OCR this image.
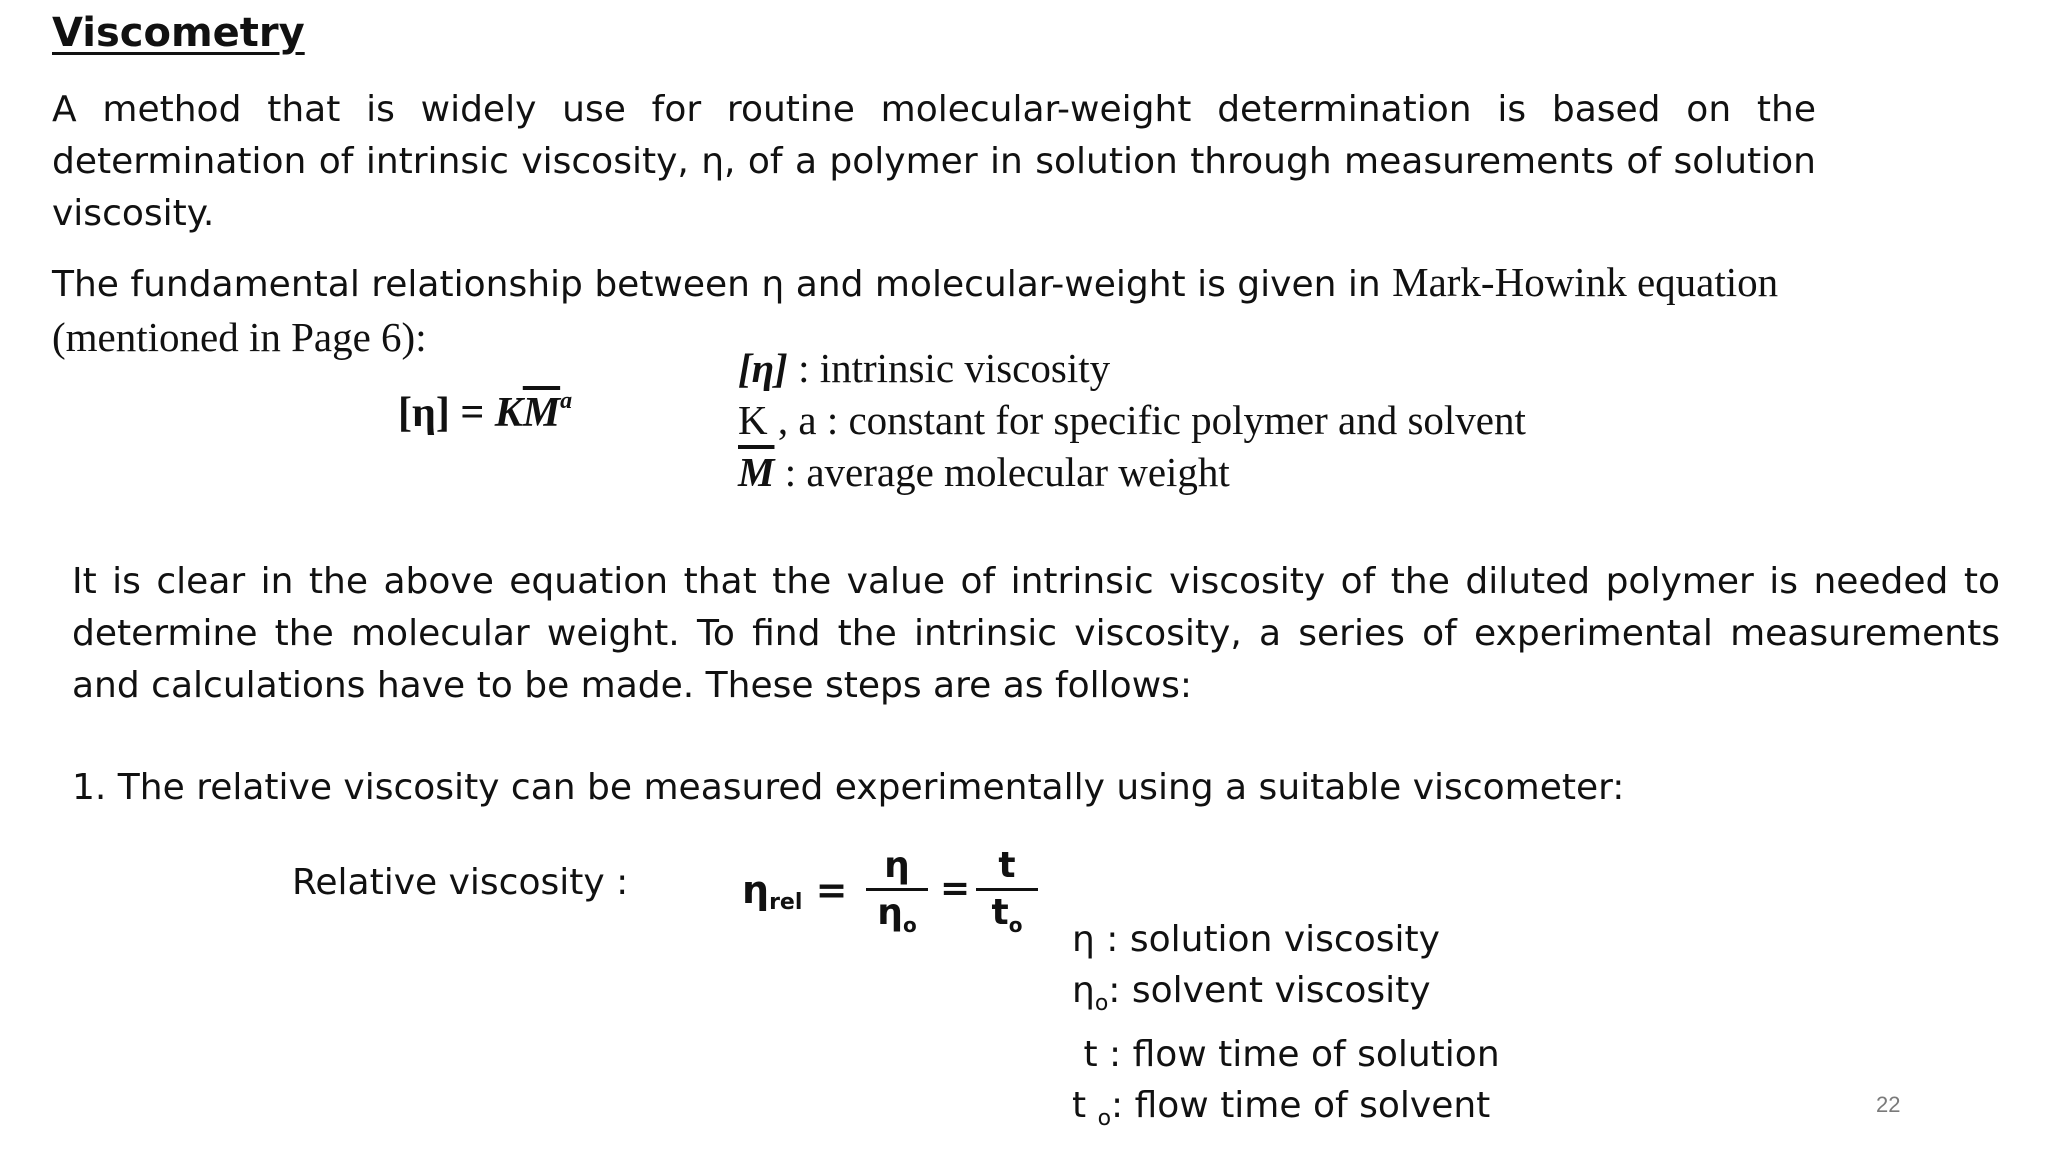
Viscometry
A method that is widely use for routine molecular-weight determination is based on the determination of intrinsic viscosity, η, of a polymer in solution through measurements of solution viscosity.
The fundamental relationship between η and molecular-weight is given in Mark-Howink equation (mentioned in Page 6):
$[\eta] = K\overline{M}^a$
[η] : intrinsic viscosity
K , a : constant for specific polymer and solvent
$\overline{M}$ : average molecular weight
It is clear in the above equation that the value of intrinsic viscosity of the diluted polymer is needed to determine the molecular weight. To find the intrinsic viscosity, a series of experimental measurements and calculations have to be made. These steps are as follows:
1. The relative viscosity can be measured experimentally using a suitable viscometer:
Relative viscosity :	$\eta_{rel} = \frac{\eta}{\eta_o} = \frac{t}{t_o}$ η : solution viscosity
$\eta_o$: solvent viscosity
t : flow time of solution
t $_o$: flow time of solvent	22
